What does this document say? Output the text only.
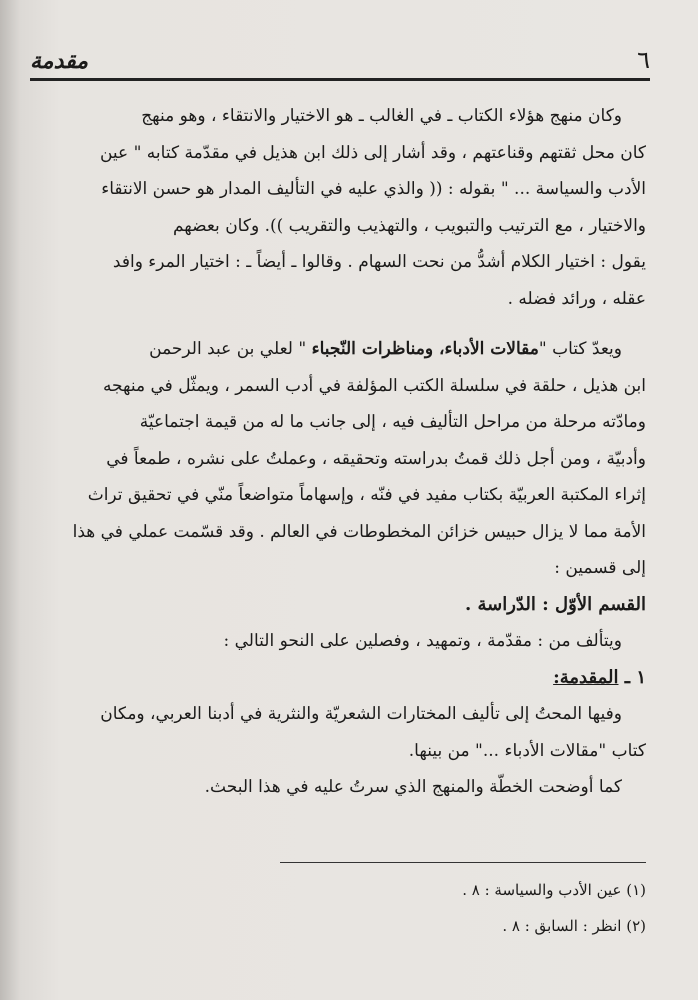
٦
مقدمة

وكان منهج هؤلاء الكتاب ـ في الغالب ـ هو الاختيار والانتقاء ، وهو منهج

كان محل ثقتهم وقناعتهم ، وقد أشار إلى ذلك ابن هذيل في مقدّمة كتابه " عين

الأدب والسياسة ... " بقوله : (( والذي عليه في التأليف المدار هو حسن الانتقاء

والاختيار ، مع الترتيب والتبويب ، والتهذيب والتقريب )). وكان بعضهم

يقول : اختيار الكلام أشدُّ من نحت السهام . وقالوا ـ أيضاً ـ : اختيار المرء وافد

عقله ، ورائد فضله .

ويعدّ كتاب "مقالات الأدباء، ومناظرات النّجباء " لعلي بن عبد الرحمن

ابن هذيل ، حلقة في سلسلة الكتب المؤلفة في أدب السمر ، ويمثّل في منهجه

ومادّته مرحلة من مراحل التأليف فيه ، إلى جانب ما له من قيمة اجتماعيّة

وأدبيّة ، ومن أجل ذلك قمتُ بدراسته وتحقيقه ، وعملتُ على نشره ، طمعاً في

إثراء المكتبة العربيّة بكتاب مفيد في فنّه ، وإسهاماً متواضعاً منّي في تحقيق تراث

الأمة مما لا يزال حبيس خزائن المخطوطات في العالم . وقد قسّمت عملي في هذا

إلى قسمين :

القسم الأوّل : الدّراسة .

ويتألف من : مقدّمة ، وتمهيد ، وفصلين على النحو التالي :

١ ـ المقدمة:

وفيها المحتُ إلى تأليف المختارات الشعريّة والنثرية في أدبنا العربي، ومكان

كتاب "مقالات الأدباء ..." من بينها.

كما أوضحت الخطّة والمنهج الذي سرتُ عليه في هذا البحث.

(١) عين الأدب والسياسة : ٨ .

(٢) انظر : السابق : ٨ .
